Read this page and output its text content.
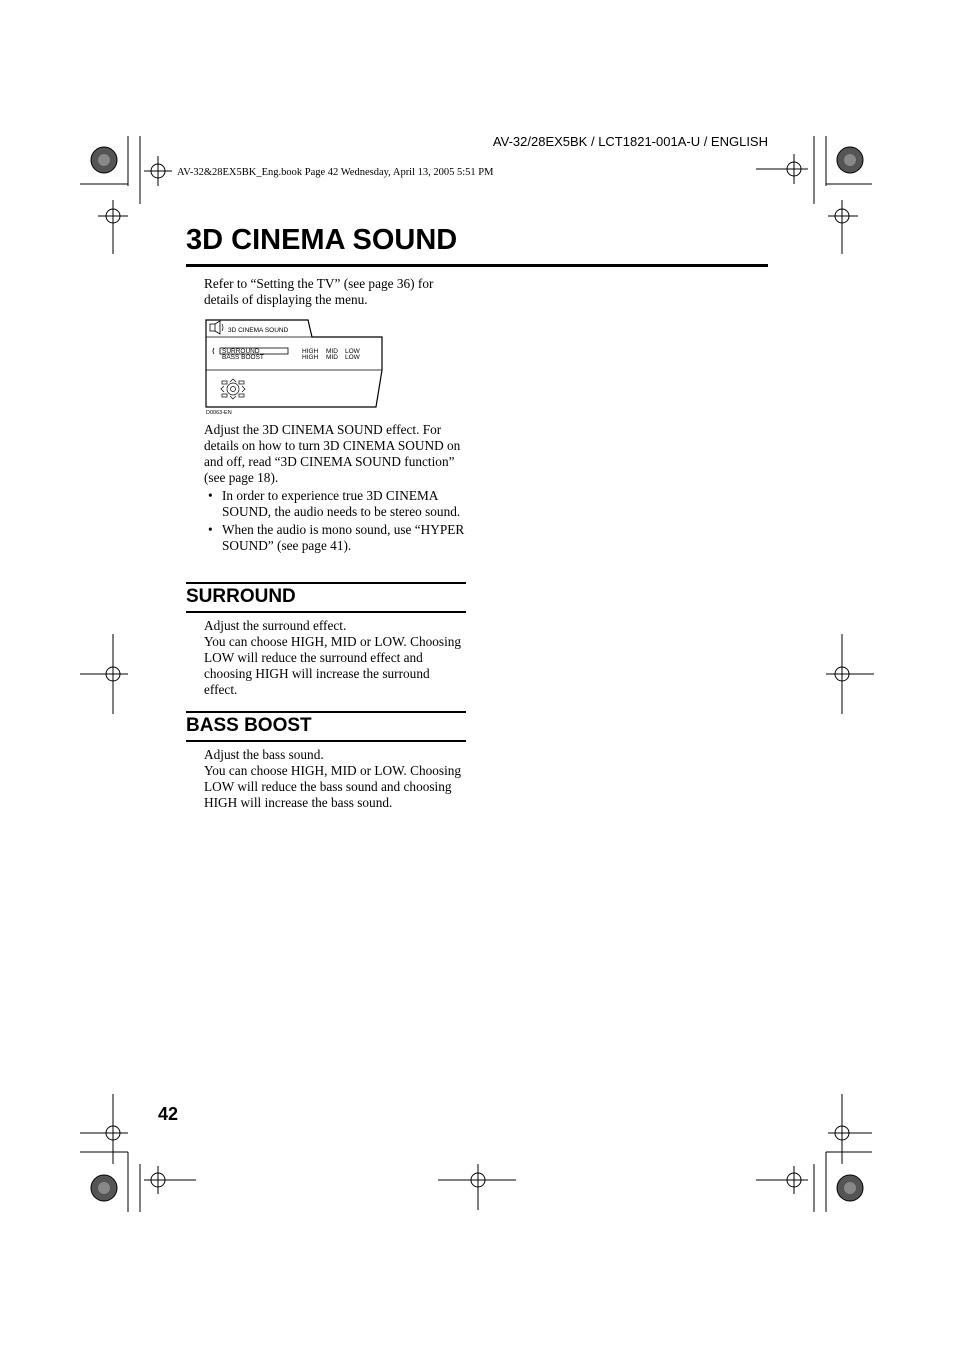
AV-32/28EX5BK / LCT1821-001A-U / ENGLISH
AV-32&28EX5BK_Eng.book Page 42 Wednesday, April 13, 2005 5:51 PM
3D CINEMA SOUND
Refer to “Setting the TV” (see page 36) for details of displaying the menu.
3D CINEMA SOUND
SURROUND	HIGH MID LOW
BASS BOOST	HIGH MID LOW
D0063-EN
Adjust the 3D CINEMA SOUND effect. For details on how to turn 3D CINEMA SOUND on and off, read “3D CINEMA SOUND function” (see page 18).
• In order to experience true 3D CINEMA SOUND, the audio needs to be stereo sound.
• When the audio is mono sound, use “HYPER SOUND” (see page 41).
SURROUND
Adjust the surround effect.
You can choose HIGH, MID or LOW. Choosing LOW will reduce the surround effect and choosing HIGH will increase the surround effect.
BASS BOOST
Adjust the bass sound.
You can choose HIGH, MID or LOW. Choosing LOW will reduce the bass sound and choosing HIGH will increase the bass sound.
42
